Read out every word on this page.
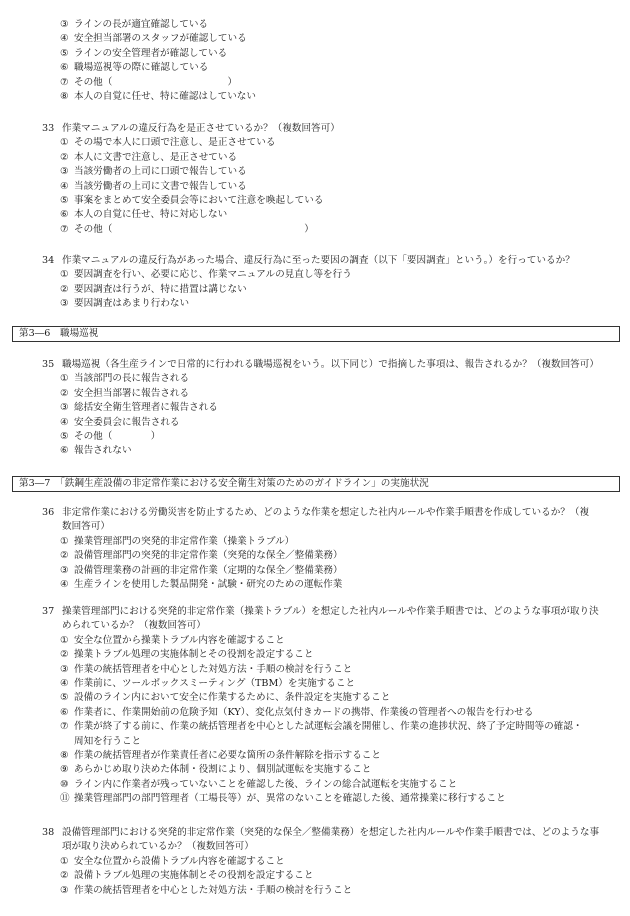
③ ラインの長が適宜確認している
④ 安全担当部署のスタッフが確認している
⑤ ラインの安全管理者が確認している
⑥ 職場巡視等の際に確認している
⑦ その他（　　　　　　　　　　　　）
⑧ 本人の自覚に任せ、特に確認はしていない
33 作業マニュアルの違反行為を是正させているか？（複数回答可）
① その場で本人に口頭で注意し、是正させている
② 本人に文書で注意し、是正させている
③ 当該労働者の上司に口頭で報告している
④ 当該労働者の上司に文書で報告している
⑤ 事案をまとめて安全委員会等において注意を喚起している
⑥ 本人の自覚に任せ、特に対応しない
⑦ その他（　　　　　　　　　　　　　　　　　　　　）
34 作業マニュアルの違反行為があった場合、違反行為に至った要因の調査（以下「要因調査」という。）を行っているか？
① 要因調査を行い、必要に応じ、作業マニュアルの見直し等を行う
② 要因調査は行うが、特に措置は講じない
③ 要因調査はあまり行わない
第3―6　職場巡視
35 職場巡視（各生産ラインで日常的に行われる職場巡視をいう。以下同じ）で指摘した事項は、報告されるか？（複数回答可）
① 当該部門の長に報告される
② 安全担当部署に報告される
③ 総括安全衛生管理者に報告される
④ 安全委員会に報告される
⑤ その他（　　　　）
⑥ 報告されない
第3―7　「鉄鋼生産設備の非定常作業における安全衛生対策のためのガイドライン」の実施状況
36 非定常作業における労働災害を防止するため、どのような作業を想定した社内ルールや作業手順書を作成しているか？（複
数回答可）
① 操業管理部門の突発的非定常作業（操業トラブル）
② 設備管理部門の突発的非定常作業（突発的な保全／整備業務）
③ 設備管理業務の計画的非定常作業（定期的な保全／整備業務）
④ 生産ラインを使用した製品開発・試験・研究のための運転作業
37 操業管理部門における突発的非定常作業（操業トラブル）を想定した社内ルールや作業手順書では、どのような事項が取り決
められているか？（複数回答可）
① 安全な位置から操業トラブル内容を確認すること
② 操業トラブル処理の実施体制とその役割を設定すること
③ 作業の統括管理者を中心とした対処方法・手順の検討を行うこと
④ 作業前に、ツールボックスミーティング（TBM）を実施すること
⑤ 設備のライン内において安全に作業するために、条件設定を実施すること
⑥ 作業者に、作業開始前の危険予知（KY）、変化点気付きカードの携帯、作業後の管理者への報告を行わせる
⑦ 作業が終了する前に、作業の統括管理者を中心とした試運転会議を開催し、作業の進捗状況、終了予定時間等の確認・
周知を行うこと
⑧ 作業の統括管理者が作業責任者に必要な箇所の条件解除を指示すること
⑨ あらかじめ取り決めた体制・役割により、個別試運転を実施すること
⑩ ライン内に作業者が残っていないことを確認した後、ラインの総合試運転を実施すること
⑪ 操業管理部門の部門管理者（工場長等）が、異常のないことを確認した後、通常操業に移行すること
38 設備管理部門における突発的非定常作業（突発的な保全／整備業務）を想定した社内ルールや作業手順書では、どのような事
項が取り決められているか？（複数回答可）
① 安全な位置から設備トラブル内容を確認すること
② 設備トラブル処理の実施体制とその役割を設定すること
③ 作業の統括管理者を中心とした対処方法・手順の検討を行うこと
